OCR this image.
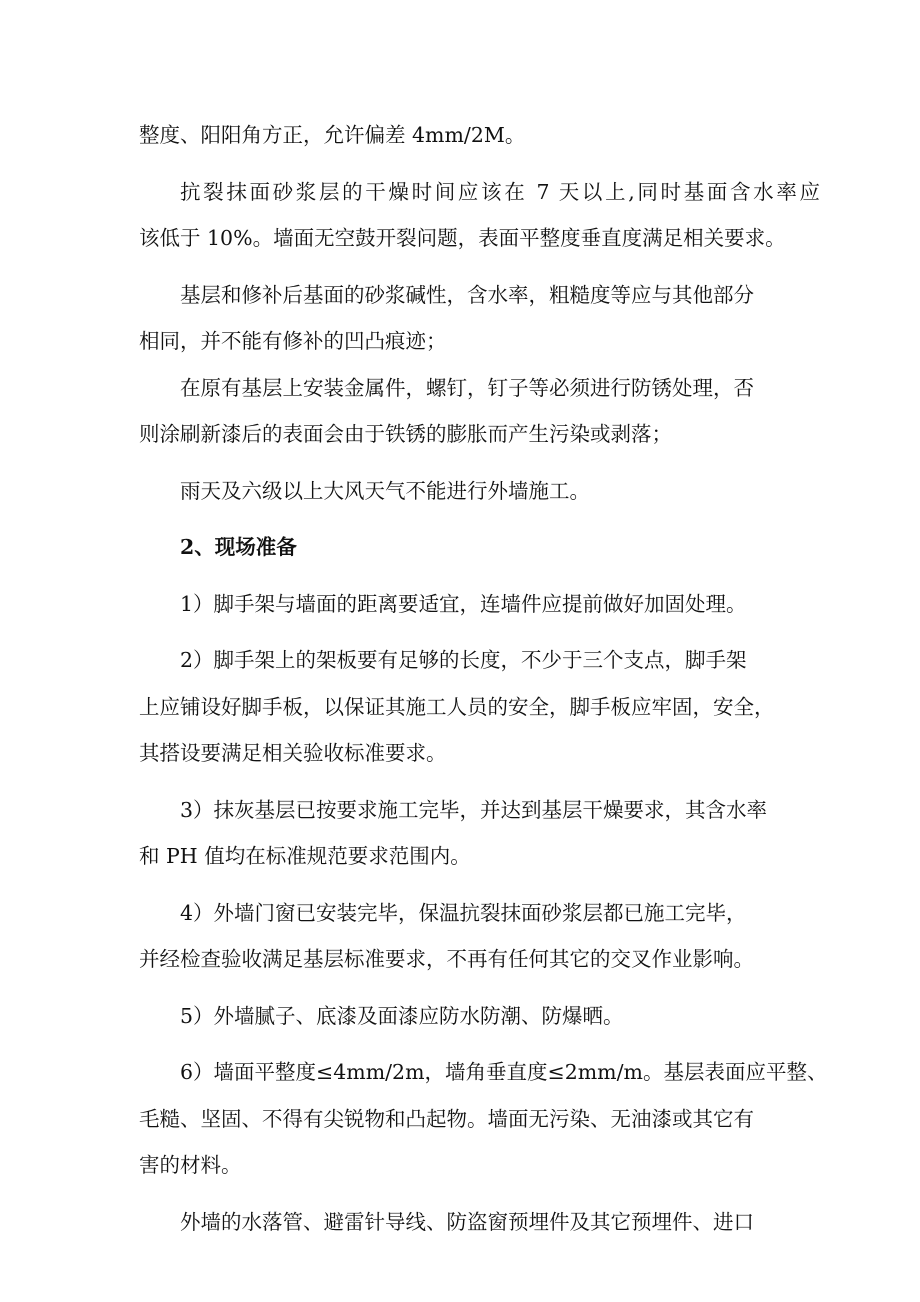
整度、阳阳角方正，允许偏差 4mm/2M。
抗裂抹面砂浆层的干燥时间应该在 7 天以上,同时基面含水率应
该低于 10%。墙面无空鼓开裂问题，表面平整度垂直度满足相关要求。
基层和修补后基面的砂浆碱性，含水率，粗糙度等应与其他部分
相同，并不能有修补的凹凸痕迹；
在原有基层上安装金属件，螺钉，钉子等必须进行防锈处理，否
则涂刷新漆后的表面会由于铁锈的膨胀而产生污染或剥落；
雨天及六级以上大风天气不能进行外墙施工。
2、现场准备
1）脚手架与墙面的距离要适宜，连墙件应提前做好加固处理。
2）脚手架上的架板要有足够的长度，不少于三个支点，脚手架
上应铺设好脚手板，以保证其施工人员的安全，脚手板应牢固，安全，
其搭设要满足相关验收标准要求。
3）抹灰基层已按要求施工完毕，并达到基层干燥要求，其含水率
和 PH 值均在标准规范要求范围内。
4）外墙门窗已安装完毕，保温抗裂抹面砂浆层都已施工完毕，
并经检查验收满足基层标准要求，不再有任何其它的交叉作业影响。
5）外墙腻子、底漆及面漆应防水防潮、防爆晒。
6）墙面平整度≤4mm/2m，墙角垂直度≤2mm/m。基层表面应平整、
毛糙、坚固、不得有尖锐物和凸起物。墙面无污染、无油漆或其它有
害的材料。
外墙的水落管、避雷针导线、防盗窗预埋件及其它预埋件、进口
